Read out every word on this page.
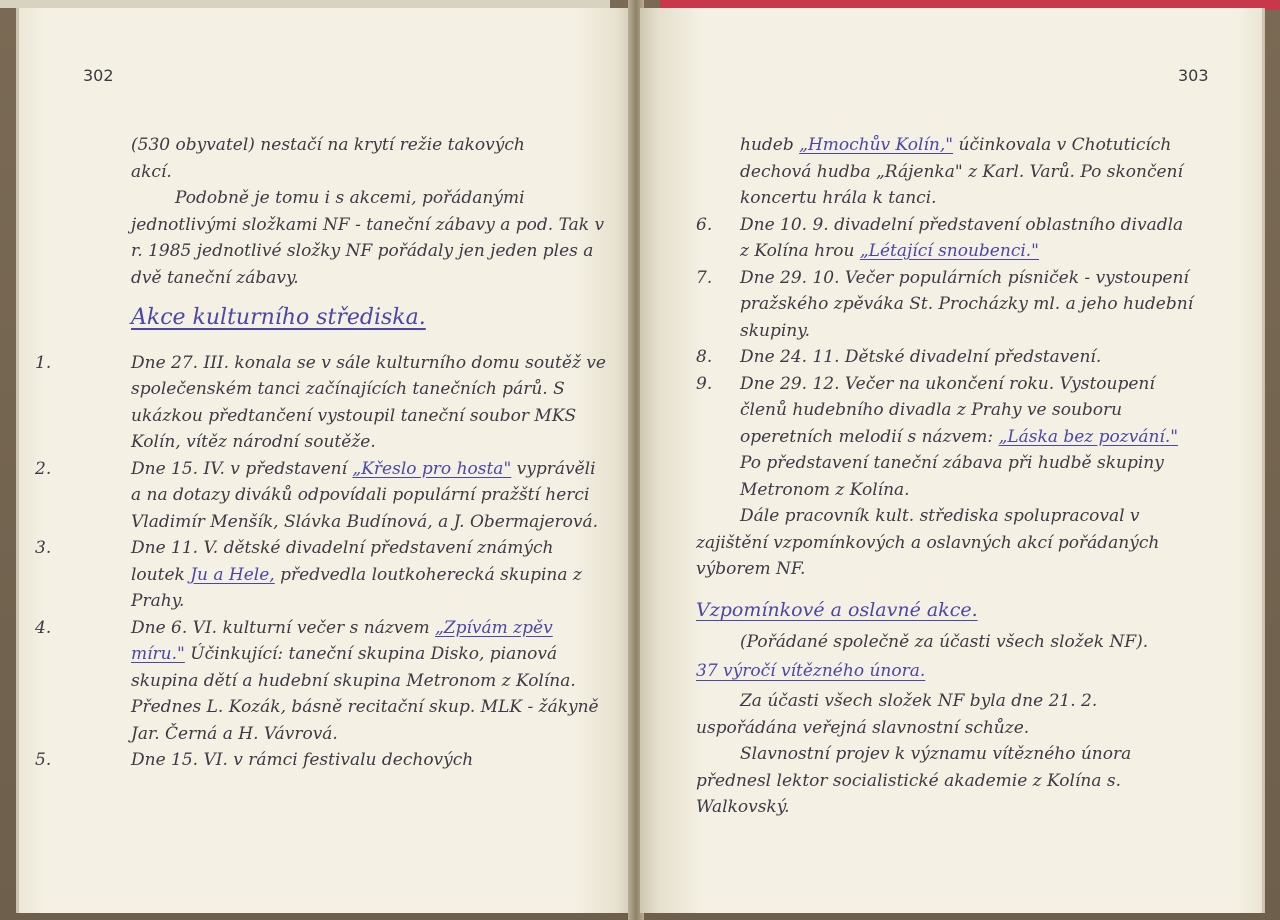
302

(530 obyvatel) nestačí na krytí režie takových

akcí.

Podobně je tomu i s akcemi, pořádanými jednotlivými složkami NF - taneční zábavy a pod. Tak v r. 1985 jednotlivé složky NF pořádaly jen jeden ples a dvě taneční zábavy.

Akce kulturního střediska.

1.	Dne 27. III. konala se v sále kulturního domu soutěž ve společenském tanci začínajících tanečních párů. S ukázkou předtančení vystoupil taneční soubor MKS Kolín, vítěz národní soutěže.
2.	Dne 15. IV. v představení „Křeslo pro hosta" vyprávěli a na dotazy diváků odpovídali populární pražští herci Vladimír Menšík, Slávka Budínová, a J. Obermajerová.
3.	Dne 11. V. dětské divadelní představení známých loutek Ju a Hele, předvedla loutkoherecká skupina z Prahy.
4.	Dne 6. VI. kulturní večer s názvem „Zpívám zpěv míru." Účinkující: taneční skupina Disko, pianová skupina dětí a hudební skupina Metronom z Kolína. Přednes L. Kozák, básně recitační skup. MLK - žákyně Jar. Černá a H. Vávrová.
5.	Dne 15. VI. v rámci festivalu dechových
303

hudeb „Hmochův Kolín," účinkovala v Chotuticích dechová hudba „Rájenka" z Karl. Varů. Po skončení koncertu hrála k tanci.

6.	Dne 10. 9. divadelní představení oblastního divadla z Kolína hrou „Létající snoubenci."
7.	Dne 29. 10. Večer populárních písniček - vystoupení pražského zpěváka St. Procházky ml. a jeho hudební skupiny.
8.	Dne 24. 11. Dětské divadelní představení.
9.	Dne 29. 12. Večer na ukončení roku. Vystoupení členů hudebního divadla z Prahy ve souboru operetních melodií s názvem: „Láska bez pozvání." Po představení taneční zábava při hudbě skupiny Metronom z Kolína.

Dále pracovník kult. střediska spolupracoval v zajištění vzpomínkových a oslavných akcí pořádaných výborem NF.

Vzpomínkové a oslavné akce.

(Pořádané společně za účasti všech složek NF).

37 výročí vítězného února.

Za účasti všech složek NF byla dne 21. 2. uspořádána veřejná slavnostní schůze.

Slavnostní projev k významu vítězného února přednesl lektor socialistické akademie z Kolína s. Walkovský.
